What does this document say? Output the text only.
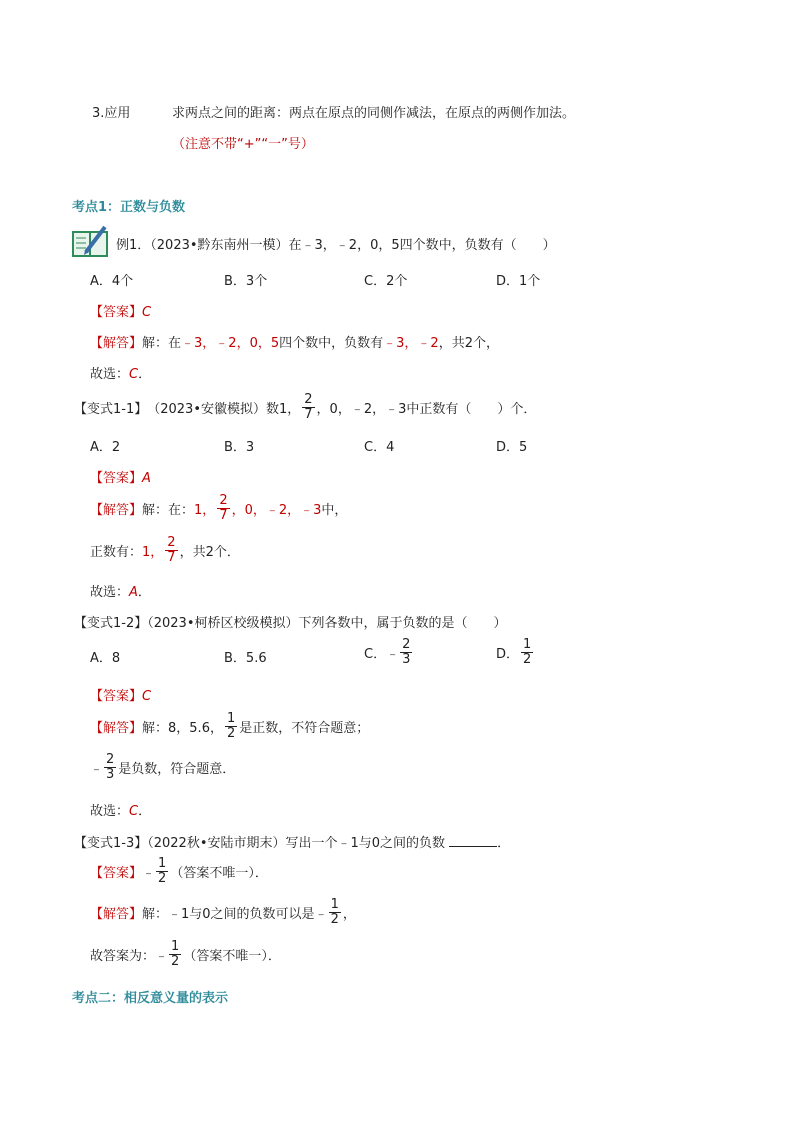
3.应用	求两点之间的距离：两点在原点的同侧作减法，在原点的两侧作加法。
（注意不带“+”“一”号）
考点1：正数与负数
例1．（2023•黔东南州一模）在﹣3，﹣2，0，5四个数中，负数有（　　）
A．4个	B．3个	C．2个	D．1个
【答案】C
【解答】解：在﹣3，﹣2，0，5四个数中，负数有﹣3，﹣2，共2个，
故选：C．
【变式1-1】 （2023•安徽模拟）数1， $\frac{2}{7}$ ，0，﹣2，﹣3中正数有（　　）个．
A．2	B．3	C．4	D．5
【答案】A
【解答】 解：在： 1， $\frac{2}{7}$ ，0，﹣2，﹣3 中，
正数有： 1， $\frac{2}{7}$ ，共2个．
故选：A．
【变式1-2】（2023•柯桥区校级模拟）下列各数中，属于负数的是（　　）
A．8	B．5.6	C． ﹣ $\frac{2}{3}$	D． $\frac{1}{2}$
【答案】C
【解答】 解：8，5.6， $\frac{1}{2}$ 是正数，不符合题意；
﹣ $\frac{2}{3}$ 是负数，符合题意．
故选：C．
【变式1-3】（2022秋•安陆市期末）写出一个﹣1与0之间的负数	．
【答案】 ﹣ $\frac{1}{2}$ （答案不唯一）．
【解答】 解：﹣1与0之间的负数可以是 ﹣ $\frac{1}{2}$ ，
故答案为： ﹣ $\frac{1}{2}$ （答案不唯一）．
考点二：相反意义量的表示
